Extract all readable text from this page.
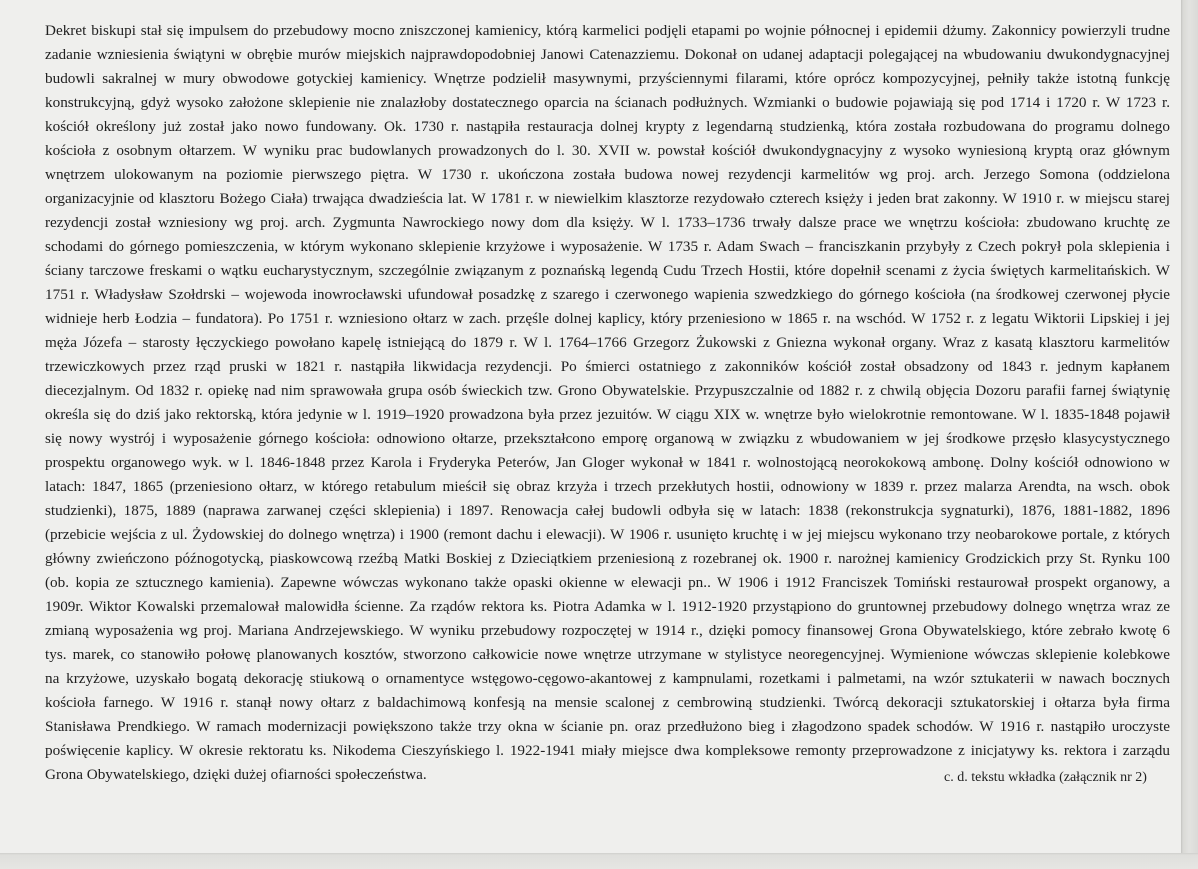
Dekret biskupi stał się impulsem do przebudowy mocno zniszczonej kamienicy, którą karmelici podjęli etapami po wojnie północnej i epidemii dżumy. Zakonnicy powierzyli trudne
zadanie wzniesienia świątyni w obrębie murów miejskich najprawdopodobniej Janowi Catenazziemu. Dokonał on udanej adaptacji polegającej na wbudowaniu dwukondygnacyjnej
budowli sakralnej w mury obwodowe gotyckiej kamienicy. Wnętrze podzielił masywnymi, przyściennymi filarami, które oprócz kompozycyjnej, pełniły także istotną funkcję
konstrukcyjną, gdyż wysoko założone sklepienie nie znalazłoby dostatecznego oparcia na ścianach podłużnych. Wzmianki o budowie pojawiają się pod 1714 i 1720 r. W 1723 r.
kościół określony już został jako nowo fundowany. Ok. 1730 r. nastąpiła restauracja dolnej krypty z legendarną studzienką, która została rozbudowana do programu dolnego
kościoła z osobnym ołtarzem. W wyniku prac budowlanych prowadzonych do l. 30. XVII w. powstał kościół dwukondygnacyjny z wysoko wyniesioną kryptą oraz głównym
wnętrzem ulokowanym na poziomie pierwszego piętra. W 1730 r. ukończona została budowa nowej rezydencji karmelitów wg proj. arch. Jerzego Somona (oddzielona
organizacyjnie od klasztoru Bożego Ciała) trwająca dwadzieścia lat. W 1781 r. w niewielkim klasztorze rezydowało czterech księży i jeden brat zakonny. W 1910 r. w miejscu starej
rezydencji został wzniesiony wg proj. arch. Zygmunta Nawrockiego nowy dom dla księży. W l. 1733–1736 trwały dalsze prace we wnętrzu kościoła: zbudowano kruchtę ze
schodami do górnego pomieszczenia, w którym wykonano sklepienie krzyżowe i wyposażenie. W 1735 r. Adam Swach – franciszkanin przybyły z Czech pokrył pola sklepienia i
ściany tarczowe freskami o wątku eucharystycznym, szczególnie związanym z poznańską legendą Cudu Trzech Hostii, które dopełnił scenami z życia świętych karmelitańskich. W
1751 r. Władysław Szołdrski – wojewoda inowrocławski ufundował posadzkę z szarego i czerwonego wapienia szwedzkiego do górnego kościoła (na środkowej czerwonej płycie
widnieje herb Łodzia – fundatora). Po 1751 r. wzniesiono ołtarz w zach. przęśle dolnej kaplicy, który przeniesiono w 1865 r. na wschód. W 1752 r. z legatu Wiktorii Lipskiej i jej
męża Józefa – starosty łęczyckiego powołano kapelę istniejącą do 1879 r. W l. 1764–1766 Grzegorz Żukowski z Gniezna wykonał organy. Wraz z kasatą klasztoru karmelitów
trzewiczkowych przez rząd pruski w 1821 r. nastąpiła likwidacja rezydencji. Po śmierci ostatniego z zakonników kościół został obsadzony od 1843 r. jednym kapłanem
diecezjalnym. Od 1832 r. opiekę nad nim sprawowała grupa osób świeckich tzw. Grono Obywatelskie. Przypuszczalnie od 1882 r. z chwilą objęcia Dozoru parafii farnej świątynię
określa się do dziś jako rektorską, która jedynie w l. 1919–1920 prowadzona była przez jezuitów. W ciągu XIX w. wnętrze było wielokrotnie remontowane. W l. 1835-1848 pojawił
się nowy wystrój i wyposażenie górnego kościoła: odnowiono ołtarze, przekształcono emporę organową w związku z wbudowaniem w jej środkowe przęsło klasycystycznego
prospektu organowego wyk. w l. 1846-1848 przez Karola i Fryderyka Peterów, Jan Gloger wykonał w 1841 r. wolnostojącą neorokokową ambonę. Dolny kościół odnowiono w
latach: 1847, 1865 (przeniesiono ołtarz, w którego retabulum mieścił się obraz krzyża i trzech przekłutych hostii, odnowiony w 1839 r. przez malarza Arendta, na wsch. obok
studzienki), 1875, 1889 (naprawa zarwanej części sklepienia) i 1897. Renowacja całej budowli odbyła się w latach: 1838 (rekonstrukcja sygnaturki), 1876, 1881-1882, 1896
(przebicie wejścia z ul. Żydowskiej do dolnego wnętrza) i 1900 (remont dachu i elewacji). W 1906 r. usunięto kruchtę i w jej miejscu wykonano trzy neobarokowe portale, z których
główny zwieńczono późnogotycką, piaskowcową rzeźbą Matki Boskiej z Dzieciątkiem przeniesioną z rozebranej ok. 1900 r. narożnej kamienicy Grodzickich przy St. Rynku 100
(ob. kopia ze sztucznego kamienia). Zapewne wówczas wykonano także opaski okienne w elewacji pn.. W 1906 i 1912 Franciszek Tomiński restaurował prospekt organowy, a
1909r. Wiktor Kowalski przemalował malowidła ścienne. Za rządów rektora ks. Piotra Adamka w l. 1912-1920 przystąpiono do gruntownej przebudowy dolnego wnętrza wraz ze
zmianą wyposażenia wg proj. Mariana Andrzejewskiego. W wyniku przebudowy rozpoczętej w 1914 r., dzięki pomocy finansowej Grona Obywatelskiego, które zebrało kwotę 6
tys. marek, co stanowiło połowę planowanych kosztów, stworzono całkowicie nowe wnętrze utrzymane w stylistyce neoregencyjnej. Wymienione wówczas sklepienie kolebkowe
na krzyżowe, uzyskało bogatą dekorację stiukową o ornamentyce wstęgowo-cęgowo-akantowej z kampnulami, rozetkami i palmetami, na wzór sztukaterii w nawach bocznych
kościoła farnego. W 1916 r. stanął nowy ołtarz z baldachimową konfesją na mensie scalonej z cembrowiną studzienki. Twórcą dekoracji sztukatorskiej i ołtarza była firma
Stanisława Prendkiego. W ramach modernizacji powiększono także trzy okna w ścianie pn. oraz przedłużono bieg i złagodzono spadek schodów. W 1916 r. nastąpiło uroczyste
poświęcenie kaplicy. W okresie rektoratu ks. Nikodema Cieszyńskiego l. 1922-1941 miały miejsce dwa kompleksowe remonty przeprowadzone z inicjatywy ks. rektora i zarządu
Grona Obywatelskiego, dzięki dużej ofiarności społeczeństwa.	c. d. tekstu wkładka (załącznik nr 2)
